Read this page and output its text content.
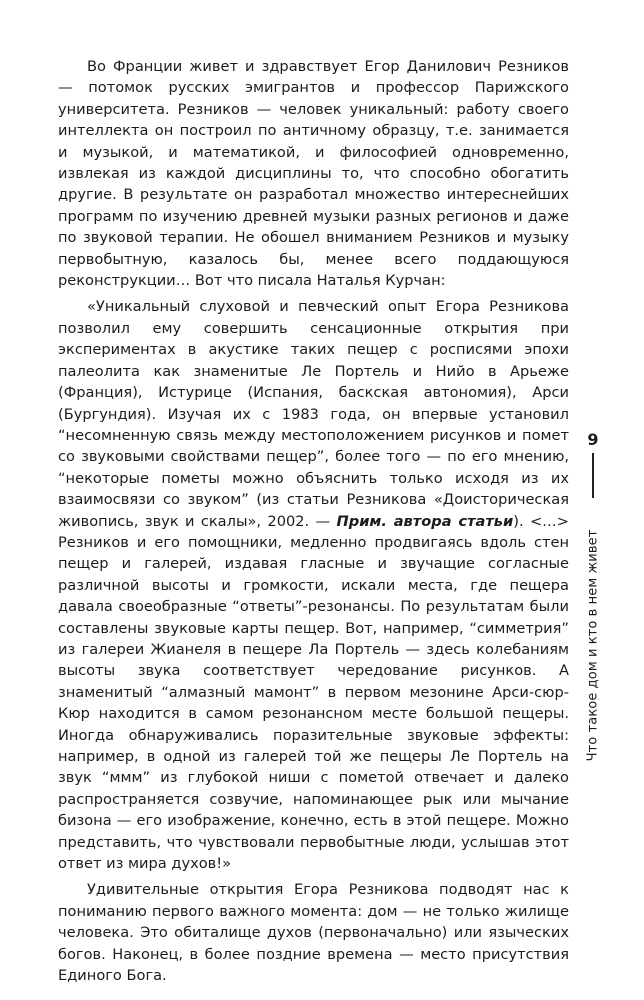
Во Франции живет и здравствует Егор Данилович Резников — потомок русских эмигрантов и профессор Парижского университета. Резников — человек уникальный: работу своего интеллекта он построил по античному образцу, т.е. занимается и музыкой, и математикой, и философией одновременно, извлекая из каждой дисциплины то, что способно обогатить другие. В результате он разработал множество интереснейших программ по изучению древней музыки разных регионов и даже по звуковой терапии. Не обошел вниманием Резников и музыку первобытную, казалось бы, менее всего поддающуюся реконструкции… Вот что писала Наталья Курчан:

«Уникальный слуховой и певческий опыт Егора Резникова позволил ему совершить сенсационные открытия при экспериментах в акустике таких пещер с росписями эпохи палеолита как знаменитые Ле Портель и Нийо в Арьеже (Франция), Истурице (Испания, баскская автономия), Арси (Бургундия). Изучая их с 1983 года, он впервые установил “несомненную связь между местоположением рисунков и помет со звуковыми свойствами пещер”, более того — по его мнению, “некоторые пометы можно объяснить только исходя из их взаимосвязи со звуком” (из статьи Резникова «Доисторическая живопись, звук и скалы», 2002. — Прим. автора статьи). <…> Резников и его помощники, медленно продвигаясь вдоль стен пещер и галерей, издавая гласные и звучащие согласные различной высоты и громкости, искали места, где пещера давала своеобразные “ответы”-резонансы. По результатам были составлены звуковые карты пещер. Вот, например, “симметрия” из галереи Жианеля в пещере Ла Портель — здесь колебаниям высоты звука соответствует чередование рисунков. А знаменитый “алмазный мамонт” в первом мезонине Арси-сюр-Кюр находится в самом резонансном месте большой пещеры. Иногда обнаруживались поразительные звуковые эффекты: например, в одной из галерей той же пещеры Ле Портель на звук “ммм” из глубокой ниши с пометой отвечает и далеко распространяется созвучие, напоминающее рык или мычание бизона — его изображение, конечно, есть в этой пещере. Можно представить, что чувствовали первобытные люди, услышав этот ответ из мира духов!»

Удивительные открытия Егора Резникова подводят нас к пониманию первого важного момента: дом — не только жилище человека. Это обиталище духов (первоначально) или языческих богов. Наконец, в более поздние времена — место присутствия Единого Бога.

9
Что такое дом и кто в нем живет
